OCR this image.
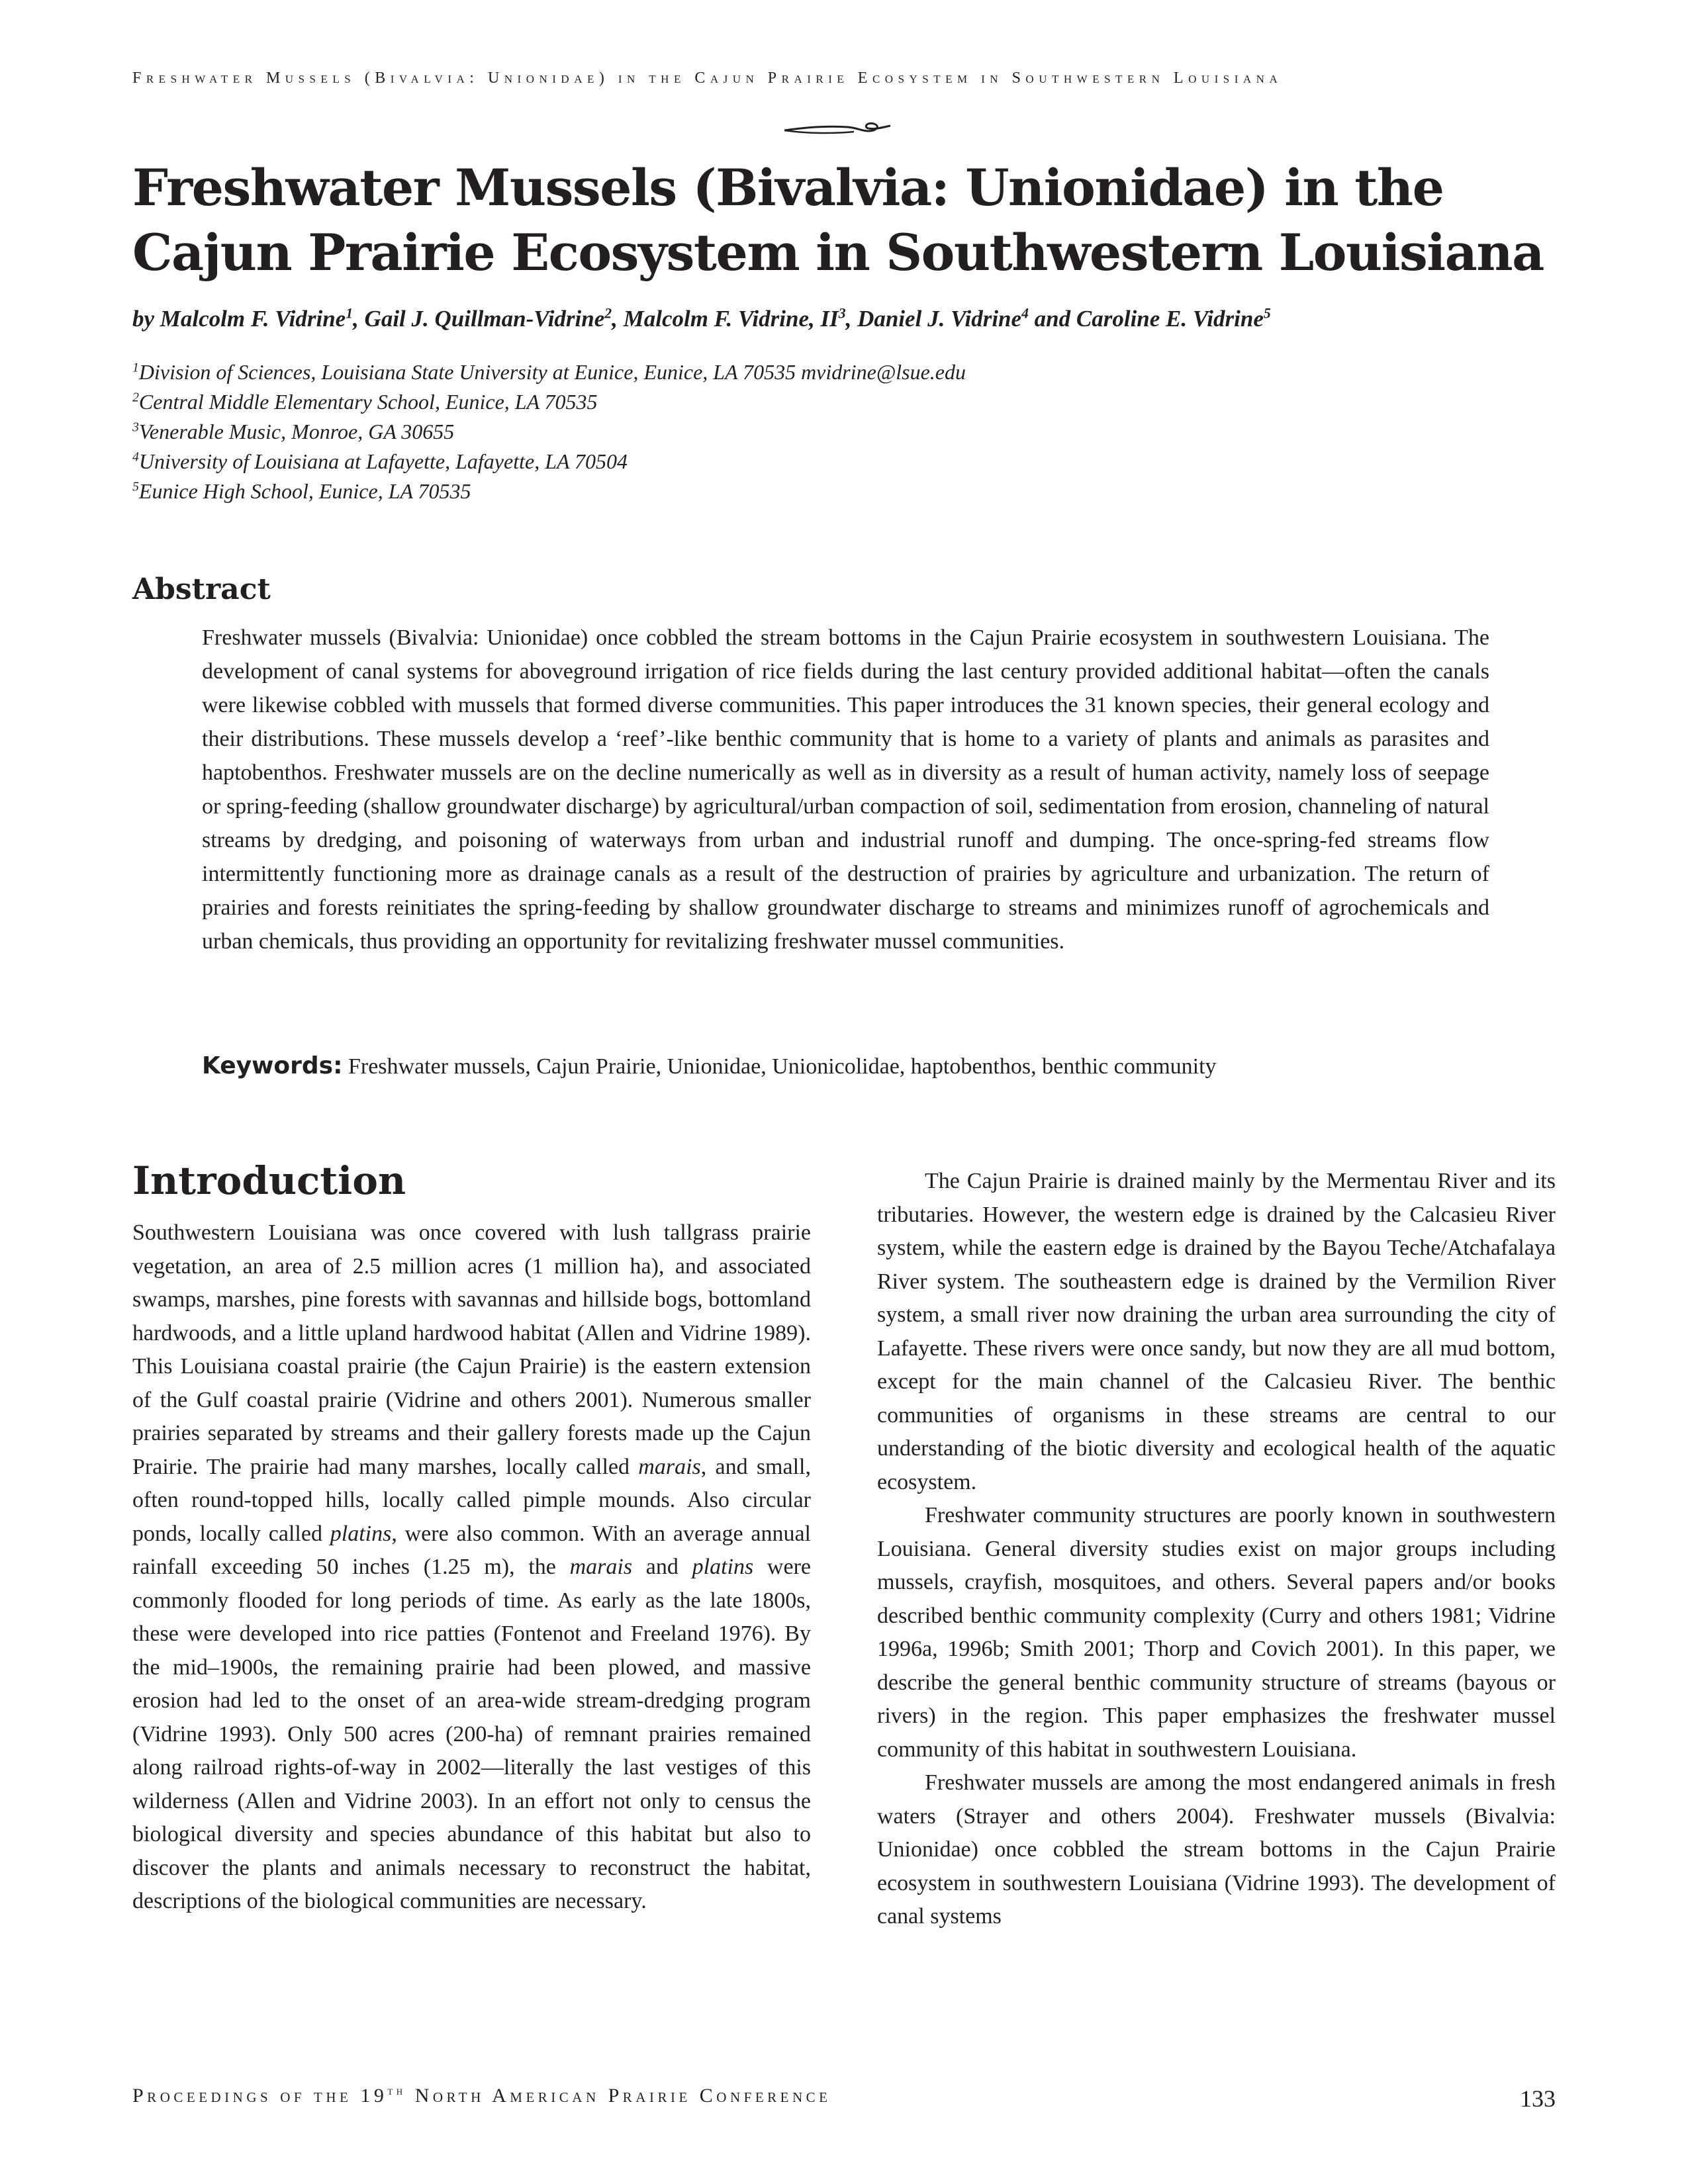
Freshwater Mussels (Bivalvia: Unionidae) in the Cajun Prairie Ecosystem in Southwestern Louisiana
Freshwater Mussels (Bivalvia: Unionidae) in the
Cajun Prairie Ecosystem in Southwestern Louisiana
by Malcolm F. Vidrine$^1$, Gail J. Quillman-Vidrine$^2$, Malcolm F. Vidrine, $II^3$, Daniel J. Vidrine$^4$ and Caroline E. Vidrine$^5$
$^1$Division of Sciences, Louisiana State University at Eunice, Eunice, LA 70535 mvidrine@lsue.edu
$^2$Central Middle Elementary School, Eunice, LA 70535
$^3$Venerable Music, Monroe, GA 30655
$^4$University of Louisiana at Lafayette, Lafayette, LA 70504
$^5$Eunice High School, Eunice, LA 70535
Abstract

Freshwater mussels (Bivalvia: Unionidae) once cobbled the stream bottoms in the Cajun Prairie ecosystem in southwestern Louisiana. The development of canal systems for aboveground irrigation of rice fields during the last century provided additional habitat—often the canals were likewise cobbled with mussels that formed diverse communities. This paper introduces the 31 known species, their general ecology and their distributions. These mussels develop a ‘reef’-like benthic community that is home to a variety of plants and animals as parasites and haptobenthos. Freshwater mussels are on the decline numerically as well as in diversity as a result of human activity, namely loss of seepage or spring-feeding (shallow groundwater discharge) by agricultural/urban compaction of soil, sedimentation from erosion, channeling of natural streams by dredging, and poisoning of waterways from urban and industrial runoff and dumping. The once-spring-fed streams flow intermittently functioning more as drainage canals as a result of the destruction of prairies by agriculture and urbanization. The return of prairies and forests reinitiates the spring-feeding by shallow groundwater discharge to streams and minimizes runoff of agrochemicals and urban chemicals, thus providing an opportunity for revitalizing freshwater mussel communities.

Keywords: Freshwater mussels, Cajun Prairie, Unionidae, Unionicolidae, haptobenthos, benthic community
Introduction

Southwestern Louisiana was once covered with lush tallgrass prairie vegetation, an area of 2.5 million acres (1 million ha), and associated swamps, marshes, pine forests with savannas and hillside bogs, bottomland hardwoods, and a little upland hardwood habitat (Allen and Vidrine 1989). This Louisiana coastal prairie (the Cajun Prairie) is the eastern extension of the Gulf coastal prairie (Vidrine and others 2001). Numerous smaller prairies separated by streams and their gallery forests made up the Cajun Prairie. The prairie had many marshes, locally called marais, and small, often round-topped hills, locally called pimple mounds. Also circular ponds, locally called platins, were also common. With an average annual rainfall exceeding 50 inches (1.25 m), the marais and platins were commonly flooded for long periods of time. As early as the late 1800s, these were developed into rice patties (Fontenot and Freeland 1976). By the mid–1900s, the remaining prairie had been plowed, and massive erosion had led to the onset of an area-wide stream-dredging program (Vidrine 1993). Only 500 acres (200-ha) of remnant prairies remained along railroad rights-of-way in 2002—literally the last vestiges of this wilderness (Allen and Vidrine 2003). In an effort not only to census the biological diversity and species abundance of this habitat but also to discover the plants and animals necessary to reconstruct the habitat, descriptions of the biological communities are necessary.

The Cajun Prairie is drained mainly by the Mermentau River and its tributaries. However, the western edge is drained by the Calcasieu River system, while the eastern edge is drained by the Bayou Teche/Atchafalaya River system. The southeastern edge is drained by the Vermilion River system, a small river now draining the urban area surrounding the city of Lafayette. These rivers were once sandy, but now they are all mud bottom, except for the main channel of the Calcasieu River. The benthic communities of organisms in these streams are central to our understanding of the biotic diversity and ecological health of the aquatic ecosystem.

Freshwater community structures are poorly known in southwestern Louisiana. General diversity studies exist on major groups including mussels, crayfish, mosquitoes, and others. Several papers and/or books described benthic community complexity (Curry and others 1981; Vidrine 1996a, 1996b; Smith 2001; Thorp and Covich 2001). In this paper, we describe the general benthic community structure of streams (bayous or rivers) in the region. This paper emphasizes the freshwater mussel community of this habitat in southwestern Louisiana.

Freshwater mussels are among the most endangered animals in fresh waters (Strayer and others 2004). Freshwater mussels (Bivalvia: Unionidae) once cobbled the stream bottoms in the Cajun Prairie ecosystem in southwestern Louisiana (Vidrine 1993). The development of canal systems

Proceedings of the 19th North American Prairie Conference	133
